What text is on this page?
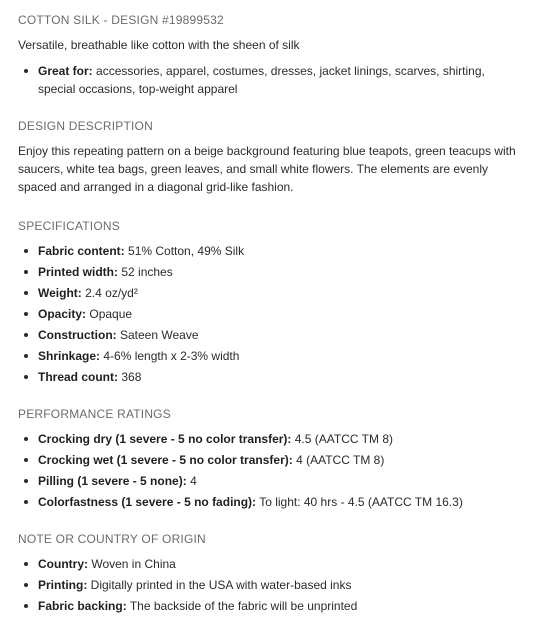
COTTON SILK - DESIGN #19899532

Versatile, breathable like cotton with the sheen of silk

Great for: accessories, apparel, costumes, dresses, jacket linings, scarves, shirting, special occasions, top-weight apparel
DESIGN DESCRIPTION

Enjoy this repeating pattern on a beige background featuring blue teapots, green teacups with saucers, white tea bags, green leaves, and small white flowers. The elements are evenly spaced and arranged in a diagonal grid-like fashion.

SPECIFICATIONS
Fabric content: 51% Cotton, 49% Silk
Printed width: 52 inches
Weight: 2.4 oz/yd²
Opacity: Opaque
Construction: Sateen Weave
Shrinkage: 4-6% length x 2-3% width
Thread count: 368
PERFORMANCE RATINGS
Crocking dry (1 severe - 5 no color transfer): 4.5 (AATCC TM 8)
Crocking wet (1 severe - 5 no color transfer): 4 (AATCC TM 8)
Pilling (1 severe - 5 none): 4
Colorfastness (1 severe - 5 no fading): To light: 40 hrs - 4.5 (AATCC TM 16.3)
NOTE OR COUNTRY OF ORIGIN
Country: Woven in China
Printing: Digitally printed in the USA with water-based inks
Fabric backing: The backside of the fabric will be unprinted
